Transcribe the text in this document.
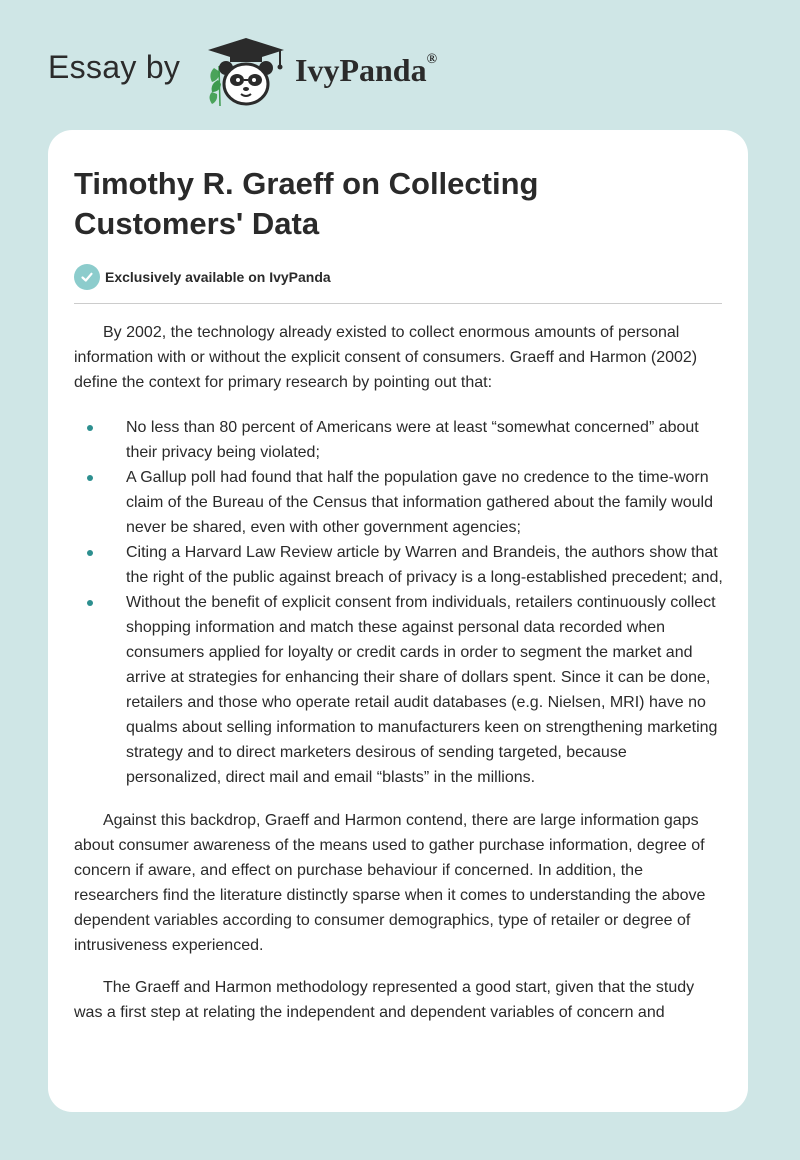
Essay by	IvyPanda®
Timothy R. Graeff on Collecting Customers' Data
Exclusively available on IvyPanda

By 2002, the technology already existed to collect enormous amounts of personal information with or without the explicit consent of consumers. Graeff and Harmon (2002) define the context for primary research by pointing out that:

No less than 80 percent of Americans were at least “somewhat concerned” about their privacy being violated;
A Gallup poll had found that half the population gave no credence to the time-worn claim of the Bureau of the Census that information gathered about the family would never be shared, even with other government agencies;
Citing a Harvard Law Review article by Warren and Brandeis, the authors show that the right of the public against breach of privacy is a long-established precedent; and,
Without the benefit of explicit consent from individuals, retailers continuously collect shopping information and match these against personal data recorded when consumers applied for loyalty or credit cards in order to segment the market and arrive at strategies for enhancing their share of dollars spent. Since it can be done, retailers and those who operate retail audit databases (e.g. Nielsen, MRI) have no qualms about selling information to manufacturers keen on strengthening marketing strategy and to direct marketers desirous of sending targeted, because personalized, direct mail and email “blasts” in the millions.

Against this backdrop, Graeff and Harmon contend, there are large information gaps about consumer awareness of the means used to gather purchase information, degree of concern if aware, and effect on purchase behaviour if concerned. In addition, the researchers find the literature distinctly sparse when it comes to understanding the above dependent variables according to consumer demographics, type of retailer or degree of intrusiveness experienced.

The Graeff and Harmon methodology represented a good start, given that the study was a first step at relating the independent and dependent variables of concern and
